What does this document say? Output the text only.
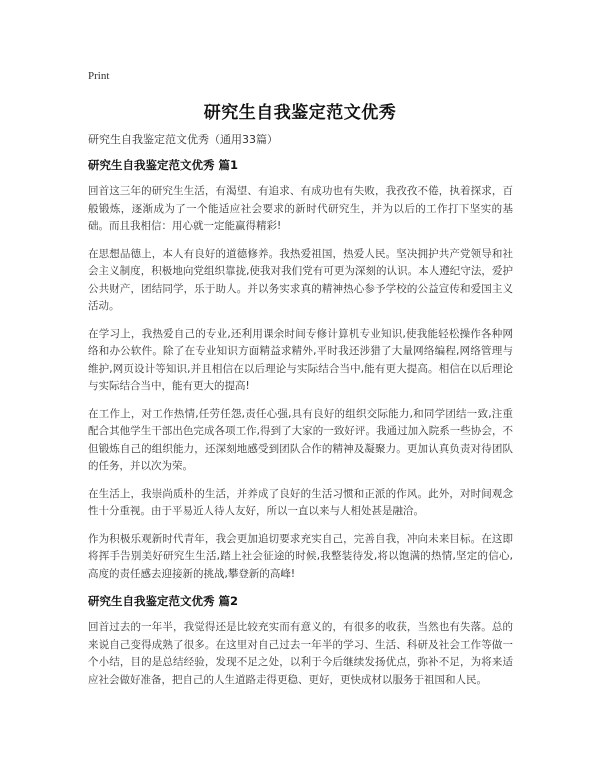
Print
研究生自我鉴定范文优秀
研究生自我鉴定范文优秀（通用33篇）
研究生自我鉴定范文优秀 篇1

回首这三年的研究生生活，有渴望、有追求、有成功也有失败，我孜孜不倦，执着探求，百般锻炼，逐渐成为了一个能适应社会要求的新时代研究生，并为以后的工作打下坚实的基础。而且我相信：用心就一定能赢得精彩!

在思想品德上，本人有良好的道德修养。我热爱祖国，热爱人民。坚决拥护共产党领导和社会主义制度，积极地向党组织靠拢,使我对我们党有可更为深刻的认识。本人遵纪守法，爱护公共财产，团结同学，乐于助人。并以务实求真的精神热心参予学校的公益宣传和爱国主义活动。

在学习上，我热爱自己的专业,还利用课余时间专修计算机专业知识,使我能轻松操作各种网络和办公软件。除了在专业知识方面精益求精外,平时我还涉猎了大量网络编程,网络管理与维护,网页设计等知识,并且相信在以后理论与实际结合当中,能有更大提高。相信在以后理论与实际结合当中，能有更大的提高!

在工作上，对工作热情,任劳任怨,责任心强,具有良好的组织交际能力,和同学团结一致,注重配合其他学生干部出色完成各项工作,得到了大家的一致好评。我通过加入院系一些协会，不但锻炼自己的组织能力，还深刻地感受到团队合作的精神及凝聚力。更加认真负责对待团队的任务，并以次为荣。

在生活上，我崇尚质朴的生活，并养成了良好的生活习惯和正派的作风。此外，对时间观念性十分重视。由于平易近人待人友好，所以一直以来与人相处甚是融洽。

作为积极乐观新时代青年，我会更加追切要求充实自己，完善自我，冲向未来目标。在这即将挥手告别美好研究生生活,踏上社会征途的时候,我整装待发,将以饱满的热情,坚定的信心,高度的责任感去迎接新的挑战,攀登新的高峰!

研究生自我鉴定范文优秀 篇2

回首过去的一年半，我觉得还是比较充实而有意义的，有很多的收获，当然也有失落。总的来说自己变得成熟了很多。在这里对自己过去一年半的学习、生活、科研及社会工作等做一个小结，目的是总结经验，发现不足之处，以利于今后继续发扬优点，弥补不足，为将来适应社会做好准备，把自己的人生道路走得更稳、更好，更快成材以服务于祖国和人民。
